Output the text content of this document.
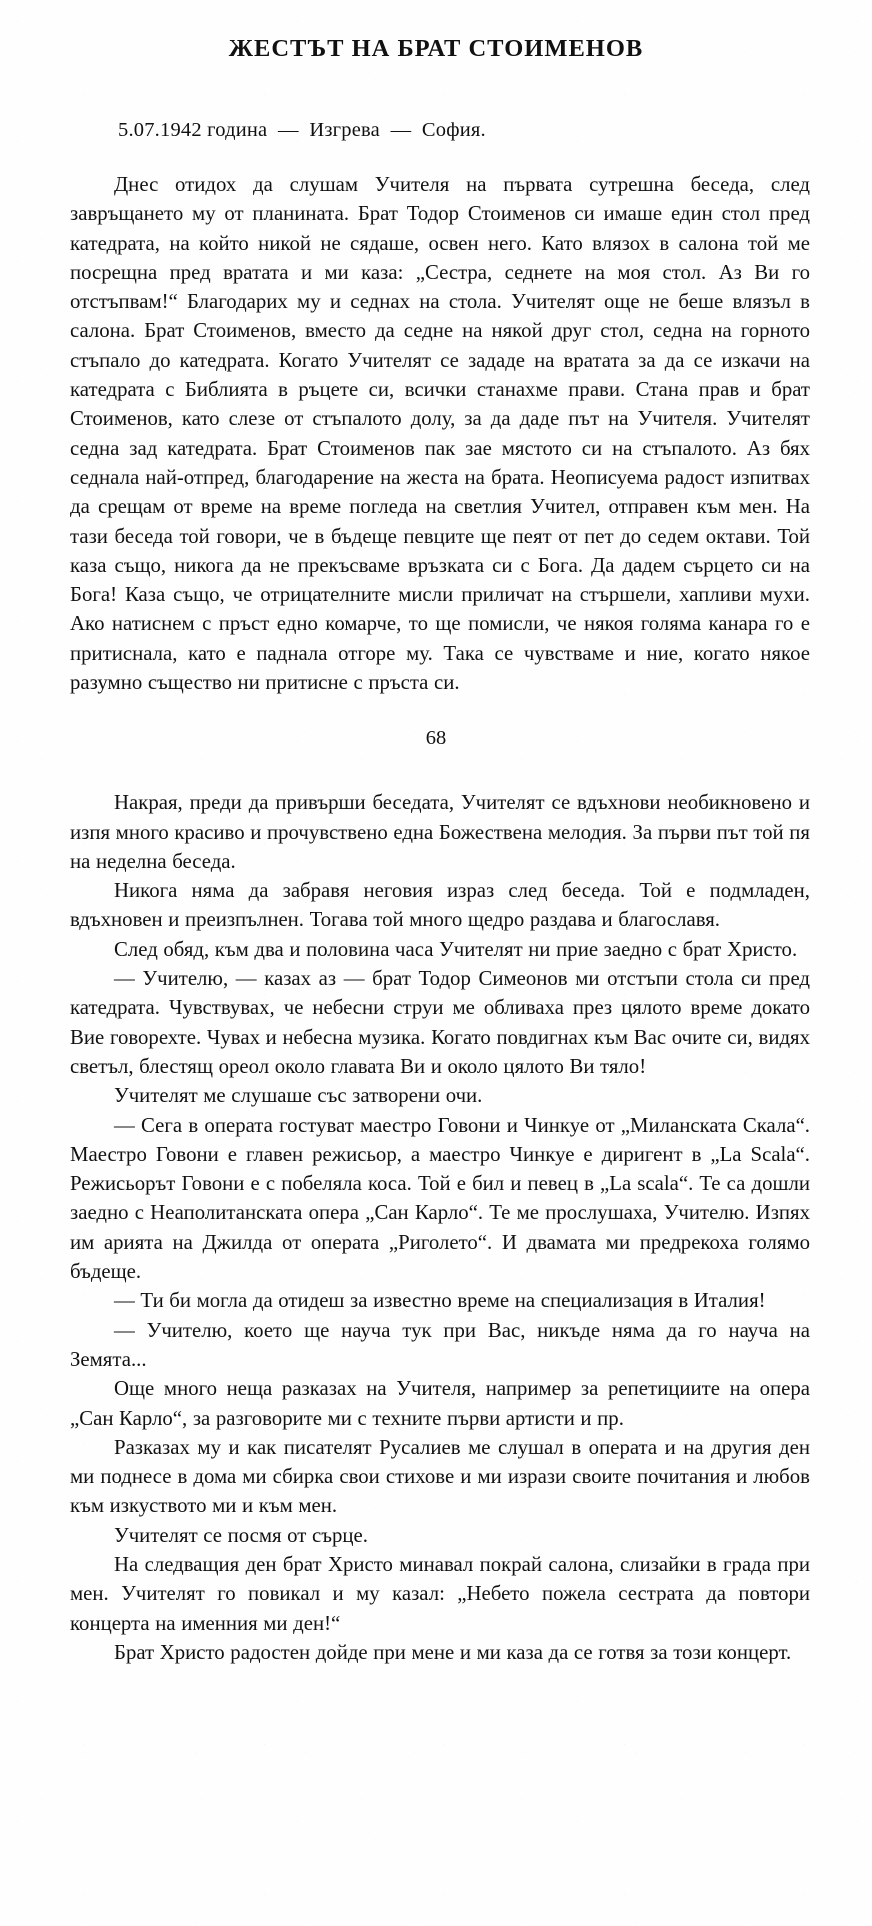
ЖЕСТЪТ НА БРАТ СТОИМЕНОВ

5.07.1942 година  —  Изгрева  —  София.

Днес отидох да слушам Учителя на първата сутрешна беседа, след завръщането му от планината. Брат Тодор Стоименов си имаше един стол пред катедрата, на който никой не сядаше, освен него. Като влязох в салона той ме посрещна пред вратата и ми каза: „Сестра, седнете на моя стол. Аз Ви го отстъпвам!“ Благодарих му и седнах на стола. Учителят още не беше влязъл в салона. Брат Стоименов, вместо да седне на някой друг стол, седна на горното стъпало до катедрата. Когато Учителят се зададе на вратата за да се изкачи на катедрата с Библията в ръцете си, всички станахме прави. Стана прав и брат Стоименов, като слезе от стъпалото долу, за да даде път на Учителя. Учителят седна зад катедрата. Брат Стоименов пак зае мястото си на стъпалото. Аз бях седнала най-отпред, благодарение на жеста на брата. Неописуема радост изпитвах да срещам от време на време погледа на светлия Учител, отправен към мен. На тази беседа той говори, че в бъдеще певците ще пеят от пет до седем октави. Той каза също, никога да не прекъсваме връзката си с Бога. Да дадем сърцето си на Бога! Каза също, че отрицателните мисли приличат на стършели, хапливи мухи. Ако натиснем с пръст едно комарче, то ще помисли, че някоя голяма канара го е притиснала, като е паднала отгоре му. Така се чувстваме и ние, когато някое разумно същество ни притисне с пръста си.

68

Накрая, преди да привърши беседата, Учителят се вдъхнови необикновено и изпя много красиво и прочувствено една Божествена мелодия. За първи път той пя на неделна беседа.

Никога няма да забравя неговия израз след беседа. Той е подмладен, вдъхновен и преизпълнен. Тогава той много щедро раздава и благославя.

След обяд, към два и половина часа Учителят ни прие заедно с брат Христо.

— Учителю, — казах аз — брат Тодор Симеонов ми отстъпи стола си пред катедрата. Чувствувах, че небесни струи ме обливаха през цялото време докато Вие говорехте. Чувах и небесна музика. Когато повдигнах към Вас очите си, видях светъл, блестящ ореол около главата Ви и около цялото Ви тяло!

Учителят ме слушаше със затворени очи.

— Сега в операта гостуват маестро Говони и Чинкуе от „Миланската Скала“. Маестро Говони е главен режисьор, а маестро Чинкуе е диригент в „La Scala“. Режисьорът Говони е с побеляла коса. Той е бил и певец в „La scala“. Те са дошли заедно с Неаполитанската опера „Сан Карло“. Те ме прослушаха, Учителю. Изпях им арията на Джилда от операта „Риголето“. И двамата ми предрекоха голямо бъдеще.

— Ти би могла да отидеш за известно време на специализация в Италия!

— Учителю, което ще науча тук при Вас, никъде няма да го науча на Земята...

Още много неща разказах на Учителя, например за репетициите на опера „Сан Карло“, за разговорите ми с техните първи артисти и пр.

Разказах му и как писателят Русалиев ме слушал в операта и на другия ден ми поднесе в дома ми сбирка свои стихове и ми изрази своите почитания и любов към изкуството ми и към мен.

Учителят се посмя от сърце.

На следващия ден брат Христо минавал покрай салона, слизайки в града при мен. Учителят го повикал и му казал: „Небето пожела сестрата да повтори концерта на именния ми ден!“

Брат Христо радостен дойде при мене и ми каза да се готвя за този концерт.
